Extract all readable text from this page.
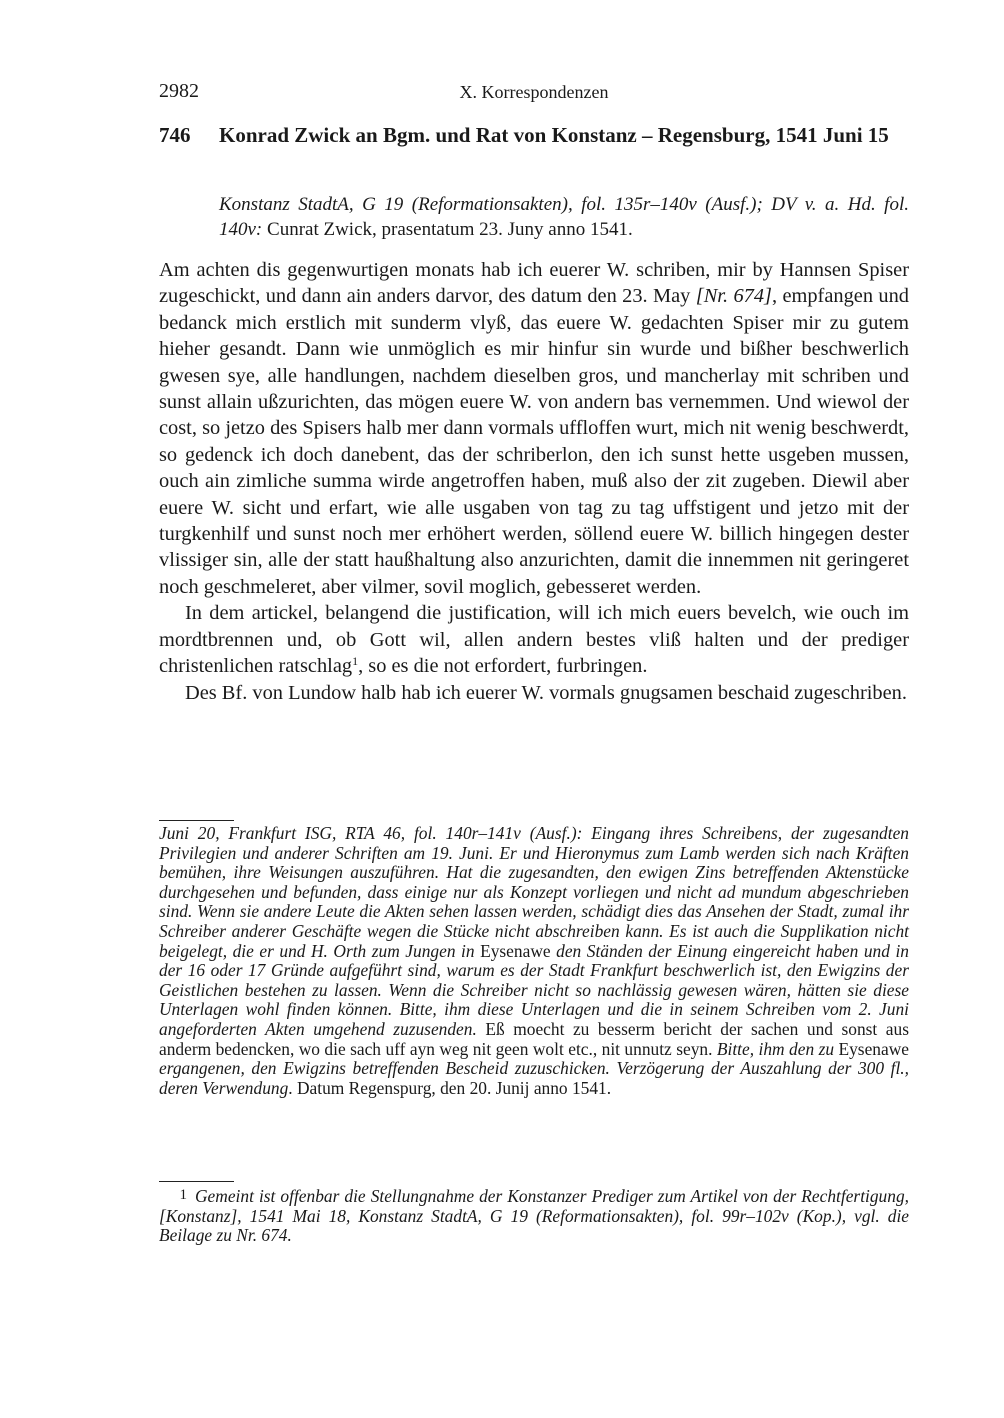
2982	X. Korrespondenzen
746 Konrad Zwick an Bgm. und Rat von Konstanz – Regensburg, 1541 Juni 15
Konstanz StadtA, G 19 (Reformationsakten), fol. 135r–140v (Ausf.); DV v. a. Hd. fol. 140v: Cunrat Zwick, prasentatum 23. Juny anno 1541.

Am achten dis gegenwurtigen monats hab ich euerer W. schriben, mir by Hannsen Spiser zugeschickt, und dann ain anders darvor, des datum den 23. May [Nr. 674], empfangen und bedanck mich erstlich mit sunderm vlyß, das euere W. gedachten Spiser mir zu gutem hieher gesandt. Dann wie unmöglich es mir hinfur sin wurde und bißher beschwerlich gwesen sye, alle handlungen, nachdem dieselben gros, und mancherlay mit schriben und sunst allain ußzurichten, das mögen euere W. von andern bas vernemmen. Und wiewol der cost, so jetzo des Spisers halb mer dann vormals uffloffen wurt, mich nit wenig beschwerdt, so gedenck ich doch danebent, das der schriberlon, den ich sunst hette usgeben mussen, ouch ain zimliche summa wirde angetroffen haben, muß also der zit zugeben. Diewil aber euere W. sicht und erfart, wie alle usgaben von tag zu tag uffstigent und jetzo mit der turgkenhilf und sunst noch mer erhöhert werden, söllend euere W. billich hingegen dester vlissiger sin, alle der statt haußhaltung also anzurichten, damit die innemmen nit geringeret noch geschmeleret, aber vilmer, sovil moglich, gebesseret werden.

In dem artickel, belangend die justification, will ich mich euers bevelch, wie ouch im mordtbrennen und, ob Gott wil, allen andern bestes vliß halten und der prediger christenlichen ratschlag$^1$, so es die not erfordert, furbringen.

Des Bf. von Lundow halb hab ich euerer W. vormals gnugsamen beschaid zugeschriben.

Juni 20, Frankfurt ISG, RTA 46, fol. 140r–141v (Ausf.): Eingang ihres Schreibens, der zugesandten Privilegien und anderer Schriften am 19. Juni. Er und Hieronymus zum Lamb werden sich nach Kräften bemühen, ihre Weisungen auszuführen. Hat die zugesandten, den ewigen Zins betreffenden Aktenstücke durchgesehen und befunden, dass einige nur als Konzept vorliegen und nicht ad mundum abgeschrieben sind. Wenn sie andere Leute die Akten sehen lassen werden, schädigt dies das Ansehen der Stadt, zumal ihr Schreiber anderer Geschäfte wegen die Stücke nicht abschreiben kann. Es ist auch die Supplikation nicht beigelegt, die er und H. Orth zum Jungen in Eysenawe den Ständen der Einung eingereicht haben und in der 16 oder 17 Gründe aufgeführt sind, warum es der Stadt Frankfurt beschwerlich ist, den Ewigzins der Geistlichen bestehen zu lassen. Wenn die Schreiber nicht so nachlässig gewesen wären, hätten sie diese Unterlagen wohl finden können. Bitte, ihm diese Unterlagen und die in seinem Schreiben vom 2. Juni angeforderten Akten umgehend zuzusenden. Eß moecht zu besserm bericht der sachen und sonst aus anderm bedencken, wo die sach uff ayn weg nit geen wolt etc., nit unnutz seyn. Bitte, ihm den zu Eysenawe ergangenen, den Ewigzins betreffenden Bescheid zuzuschicken. Verzögerung der Auszahlung der 300 fl., deren Verwendung. Datum Regenspurg, den 20. Junij anno 1541.

1 Gemeint ist offenbar die Stellungnahme der Konstanzer Prediger zum Artikel von der Rechtfertigung, [Konstanz], 1541 Mai 18, Konstanz StadtA, G 19 (Reformationsakten), fol. 99r–102v (Kop.), vgl. die Beilage zu Nr. 674.
